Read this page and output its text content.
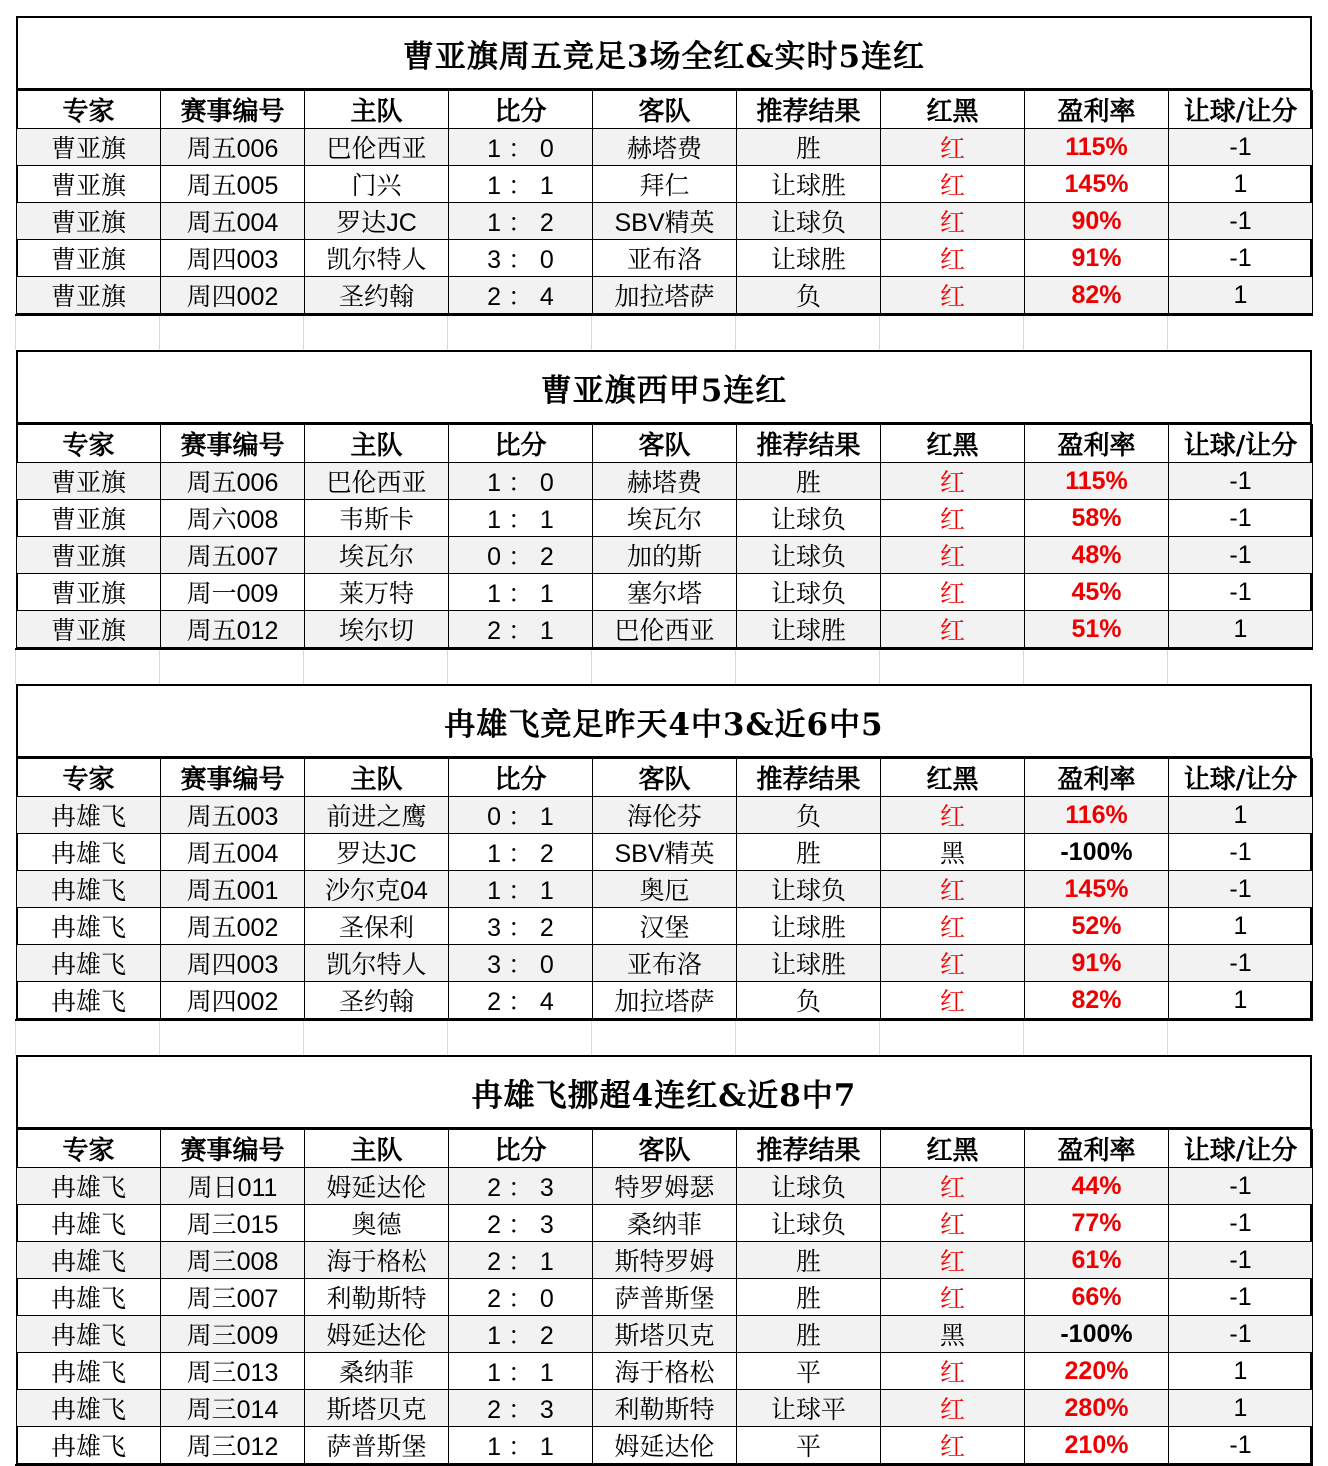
曹亚旗周五竞足3场全红&实时5连红
专家	赛事编号	主队	比分	客队	推荐结果	红黑	盈利率	让球/让分
曹亚旗	周五006	巴伦西亚	1 ： 0	赫塔费	胜	红	115%	-1
曹亚旗	周五005	门兴	1 ： 1	拜仁	让球胜	红	145%	1
曹亚旗	周五004	罗达JC	1 ： 2	SBV精英	让球负	红	90%	-1
曹亚旗	周四003	凯尔特人	3 ： 0	亚布洛	让球胜	红	91%	-1
曹亚旗	周四002	圣约翰	2 ： 4	加拉塔萨	负	红	82%	1
曹亚旗西甲5连红
专家	赛事编号	主队	比分	客队	推荐结果	红黑	盈利率	让球/让分
曹亚旗	周五006	巴伦西亚	1 ： 0	赫塔费	胜	红	115%	-1
曹亚旗	周六008	韦斯卡	1 ： 1	埃瓦尔	让球负	红	58%	-1
曹亚旗	周五007	埃瓦尔	0 ： 2	加的斯	让球负	红	48%	-1
曹亚旗	周一009	莱万特	1 ： 1	塞尔塔	让球负	红	45%	-1
曹亚旗	周五012	埃尔切	2 ： 1	巴伦西亚	让球胜	红	51%	1
冉雄飞竞足昨天4中3&近6中5
专家	赛事编号	主队	比分	客队	推荐结果	红黑	盈利率	让球/让分
冉雄飞	周五003	前进之鹰	0 ： 1	海伦芬	负	红	116%	1
冉雄飞	周五004	罗达JC	1 ： 2	SBV精英	胜	黑	-100%	-1
冉雄飞	周五001	沙尔克04	1 ： 1	奥厄	让球负	红	145%	-1
冉雄飞	周五002	圣保利	3 ： 2	汉堡	让球胜	红	52%	1
冉雄飞	周四003	凯尔特人	3 ： 0	亚布洛	让球胜	红	91%	-1
冉雄飞	周四002	圣约翰	2 ： 4	加拉塔萨	负	红	82%	1
冉雄飞挪超4连红&近8中7
专家	赛事编号	主队	比分	客队	推荐结果	红黑	盈利率	让球/让分
冉雄飞	周日011	姆延达伦	2 ： 3	特罗姆瑟	让球负	红	44%	-1
冉雄飞	周三015	奥德	2 ： 3	桑纳菲	让球负	红	77%	-1
冉雄飞	周三008	海于格松	2 ： 1	斯特罗姆	胜	红	61%	-1
冉雄飞	周三007	利勒斯特	2 ： 0	萨普斯堡	胜	红	66%	-1
冉雄飞	周三009	姆延达伦	1 ： 2	斯塔贝克	胜	黑	-100%	-1
冉雄飞	周三013	桑纳菲	1 ： 1	海于格松	平	红	220%	1
冉雄飞	周三014	斯塔贝克	2 ： 3	利勒斯特	让球平	红	280%	1
冉雄飞	周三012	萨普斯堡	1 ： 1	姆延达伦	平	红	210%	-1
